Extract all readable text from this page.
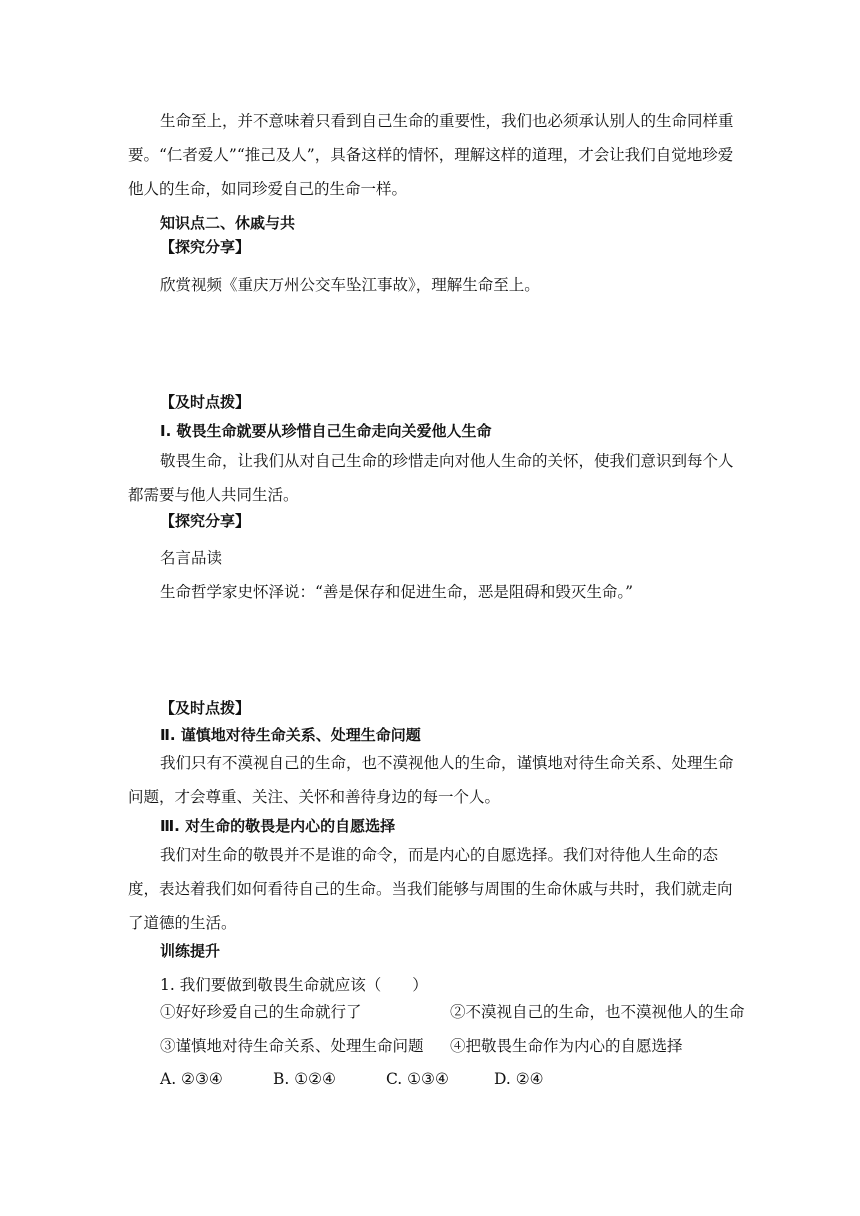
生命至上，并不意味着只看到自己生命的重要性，我们也必须承认别人的生命同样重要。“仁者爱人”“推己及人”，具备这样的情怀，理解这样的道理，才会让我们自觉地珍爱他人的生命，如同珍爱自己的生命一样。

知识点二、休戚与共

【探究分享】

欣赏视频《重庆万州公交车坠江事故》，理解生命至上。

【及时点拨】

Ⅰ. 敬畏生命就要从珍惜自己生命走向关爱他人生命

敬畏生命，让我们从对自己生命的珍惜走向对他人生命的关怀，使我们意识到每个人都需要与他人共同生活。

【探究分享】

名言品读

生命哲学家史怀泽说：“善是保存和促进生命，恶是阻碍和毁灭生命。”

【及时点拨】

Ⅱ. 谨慎地对待生命关系、处理生命问题

我们只有不漠视自己的生命，也不漠视他人的生命，谨慎地对待生命关系、处理生命问题，才会尊重、关注、关怀和善待身边的每一个人。

Ⅲ. 对生命的敬畏是内心的自愿选择

我们对生命的敬畏并不是谁的命令，而是内心的自愿选择。我们对待他人生命的态度，表达着我们如何看待自己的生命。当我们能够与周围的生命休戚与共时，我们就走向了道德的生活。

训练提升

1. 我们要做到敬畏生命就应该（　　）

①好好珍爱自己的生命就行了	②不漠视自己的生命，也不漠视他人的生命
③谨慎地对待生命关系、处理生命问题 ④把敬畏生命作为内心的自愿选择
A. ②③④	B. ①②④	C. ①③④	D. ②④
